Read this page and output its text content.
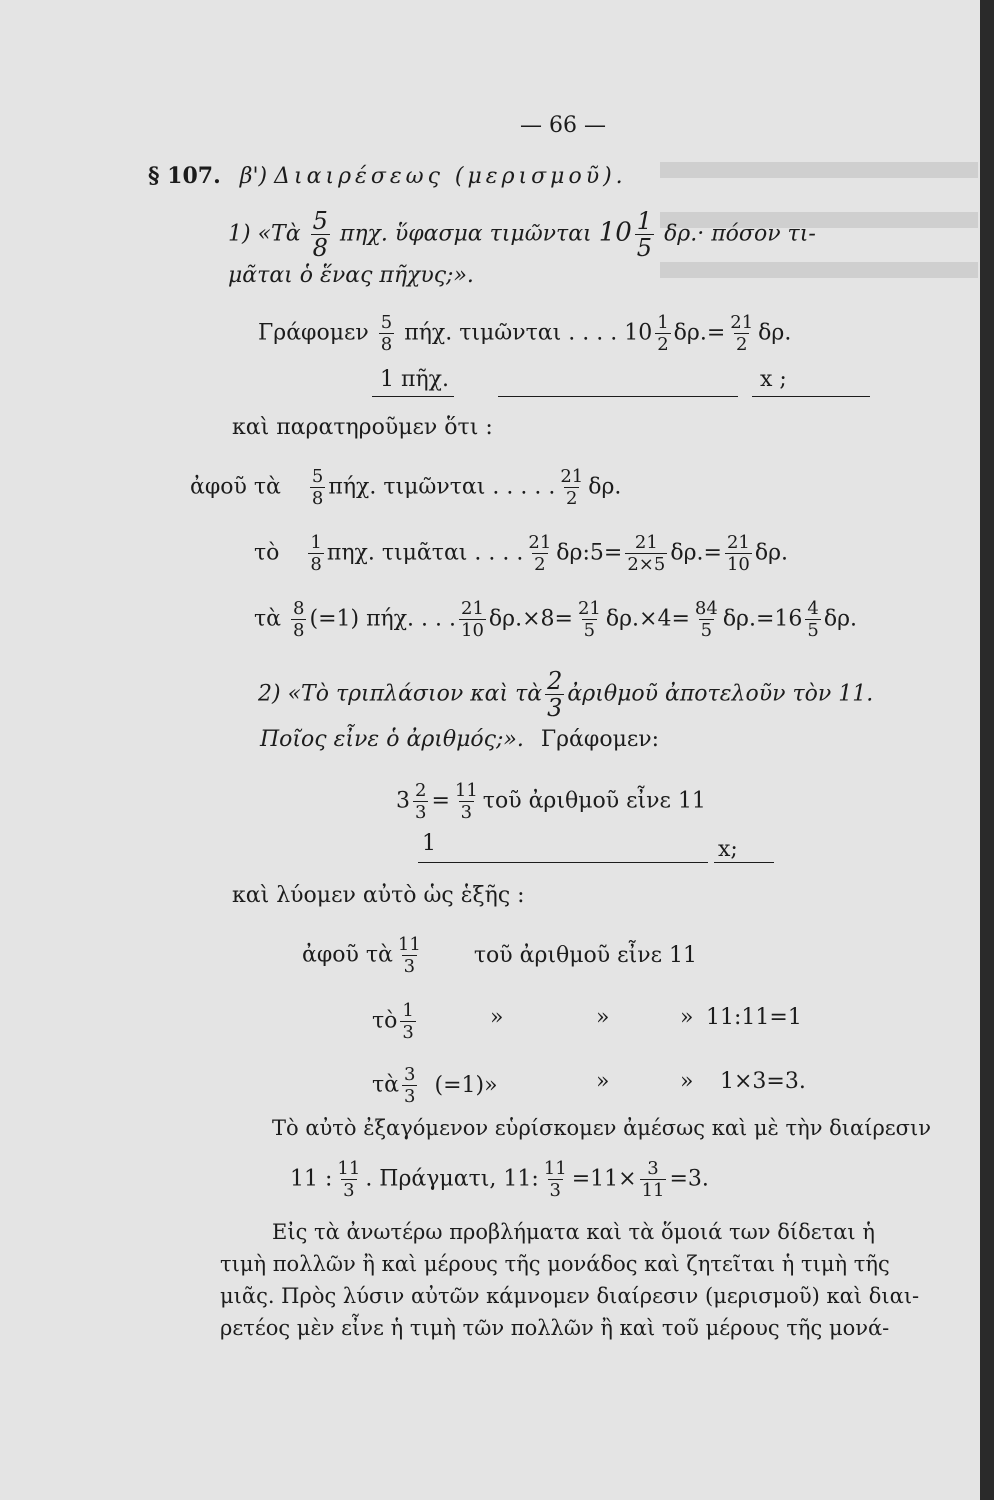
— 66 —
§ 107. β') Διαιρέσεως (μερισμοῦ).
1) «Τὰ $\frac{5}{8} \pi\eta\chi$. ὕφασμα τιμῶνται $10 \frac{1}{5} \delta\rho.\cdot \pi ό\sigma o\nu$ τι-
μᾶται ὁ ἕνας πῆχυς;».
Γράφομεν $\frac{5}{8} \pi ή\chi$. τιμῶνται . . . . $10 \frac{1}{2} \delta\rho.= \frac{21}{2} \delta\rho$.
1 πῆχ.	x ;
καὶ παρατηροῦμεν ὅτι :
ἀφοῦ τὰ $\frac{5}{8} \pi ή\chi$. τιμῶνται . . . . . $\frac{21}{2} \delta\rho$.
τὸ $\frac{1}{8} \pi\eta\chi$. τιμᾶται . . . . $\frac{21}{2}$ δρ:5= $\frac{21}{2\times 5} \delta\rho.= \frac{21}{10} \delta\rho$.
τὰ $\frac{8}{8} (=1)$ πήχ. . . . $\frac{21}{10} \delta\rho.\times 8= \frac{21}{5} \delta\rho.\times 4= \frac{84}{5} \delta\rho.=16 \frac{4}{5} \delta\rho$.
2) «Τὸ τριπλάσιον καὶ τὰ $\frac{2}{3}$ ἀριθμοῦ ἀποτελοῦν τὸν 11.
Ποῖος εἶνε ὁ ἀριθμός;». Γράφομεν:
$3 \frac{2}{3} = \frac{11}{3}$ τοῦ ἀριθμοῦ εἶνε 11
1	x;
καὶ λύομεν αὐτὸ ὡς ἑξῆς :
ἀφοῦ τὰ $\frac{11}{3}$ τοῦ ἀριθμοῦ εἶνε 11
τὸ $\frac{1}{3}$	»	»	» 11:11=1
τὰ $\frac{3}{3} (=1)$»	»	» 1×3=3.
Τὸ αὐτὸ ἐξαγόμενον εὑρίσκομεν ἀμέσως καὶ μὲ τὴν διαίρεσιν
11 : $\frac{11}{3}$ . Πράγματι, 11: $\frac{11}{3} =11\times \frac{3}{11} =3$.
Εἰς τὰ ἀνωτέρω προβλήματα καὶ τὰ ὅμοιά των δίδεται ἡ
τιμὴ πολλῶν ἢ καὶ μέρους τῆς μονάδος καὶ ζητεῖται ἡ τιμὴ τῆς
μιᾶς. Πρὸς λύσιν αὐτῶν κάμνομεν διαίρεσιν (μερισμοῦ) καὶ διαι-
ρετέος μὲν εἶνε ἡ τιμὴ τῶν πολλῶν ἢ καὶ τοῦ μέρους τῆς μονά-
